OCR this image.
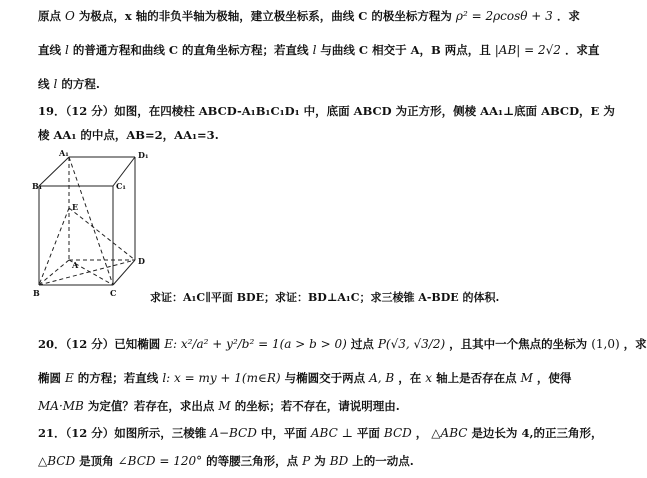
原点 O 为极点，x 轴的非负半轴为极轴，建立极坐标系，曲线 C 的极坐标方程为 ρ² = 2ρcosθ + 3 ．求
直线 l 的普通方程和曲线 C 的直角坐标方程；若直线 l 与曲线 C 相交于 A，B 两点，且 |AB| = 2√2 ．求直
线 l 的方程.
19．（12 分）如图，在四棱柱 ABCD-A₁B₁C₁D₁ 中，底面 ABCD 为正方形，侧棱 AA₁⊥底面 ABCD，E 为
棱 AA₁ 的中点，AB=2，AA₁=3.
A₁	D₁
B₁	C₁
E
A	D
B	C	求证：A₁C∥平面 BDE；求证：BD⊥A₁C；求三棱锥 A-BDE 的体积.
20．（12 分）已知椭圆 E: x²/a² + y²/b² = 1(a > b > 0) 过点 P(√3, √3/2) ，且其中一个焦点的坐标为 (1,0) ，求
椭圆 E 的方程；若直线 l: x = my + 1(m∈R) 与椭圆交于两点 A, B ，在 x 轴上是否存在点 M ，使得
MA·MB 为定值？若存在，求出点 M 的坐标；若不存在，请说明理由.
21．（12 分）如图所示，三棱锥 A−BCD 中，平面 ABC ⊥ 平面 BCD ， △ABC 是边长为 4,的正三角形，
△BCD 是顶角 ∠BCD = 120° 的等腰三角形，点 P 为 BD 上的一动点.
